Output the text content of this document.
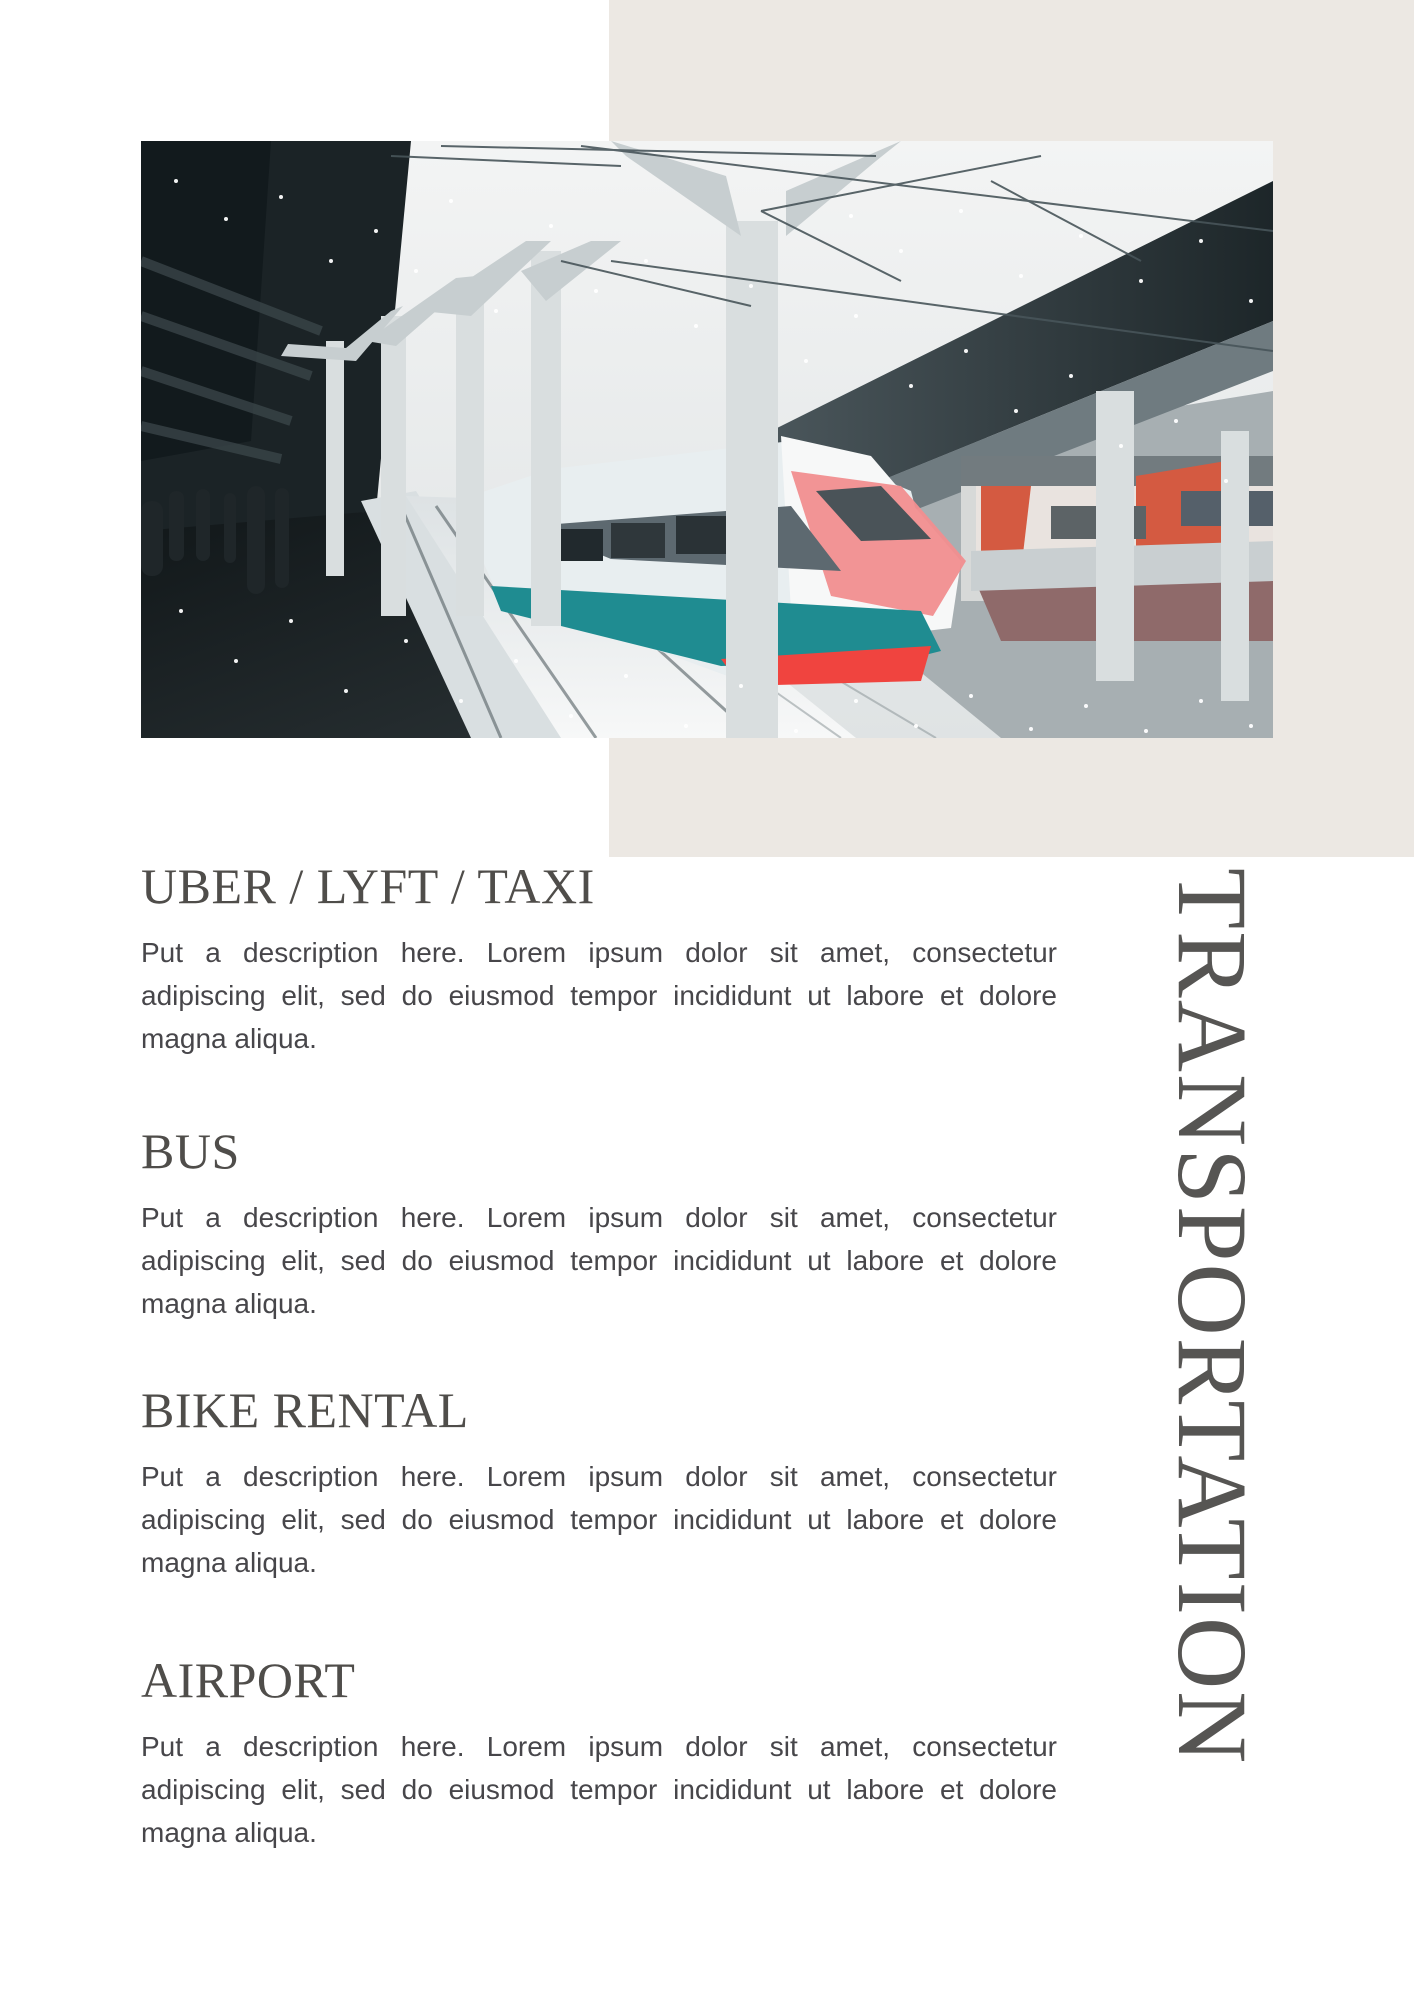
UBER / LYFT / TAXI

Put a description here. Lorem ipsum dolor sit amet, consectetur adipiscing elit, sed do eiusmod tempor incididunt ut labore et dolore magna aliqua.

BUS

Put a description here. Lorem ipsum dolor sit amet, consectetur adipiscing elit, sed do eiusmod tempor incididunt ut labore et dolore magna aliqua.

BIKE RENTAL

Put a description here. Lorem ipsum dolor sit amet, consectetur adipiscing elit, sed do eiusmod tempor incididunt ut labore et dolore magna aliqua.

AIRPORT

Put a description here. Lorem ipsum dolor sit amet, consectetur adipiscing elit, sed do eiusmod tempor incididunt ut labore et dolore magna aliqua.

TRANSPORTATION
